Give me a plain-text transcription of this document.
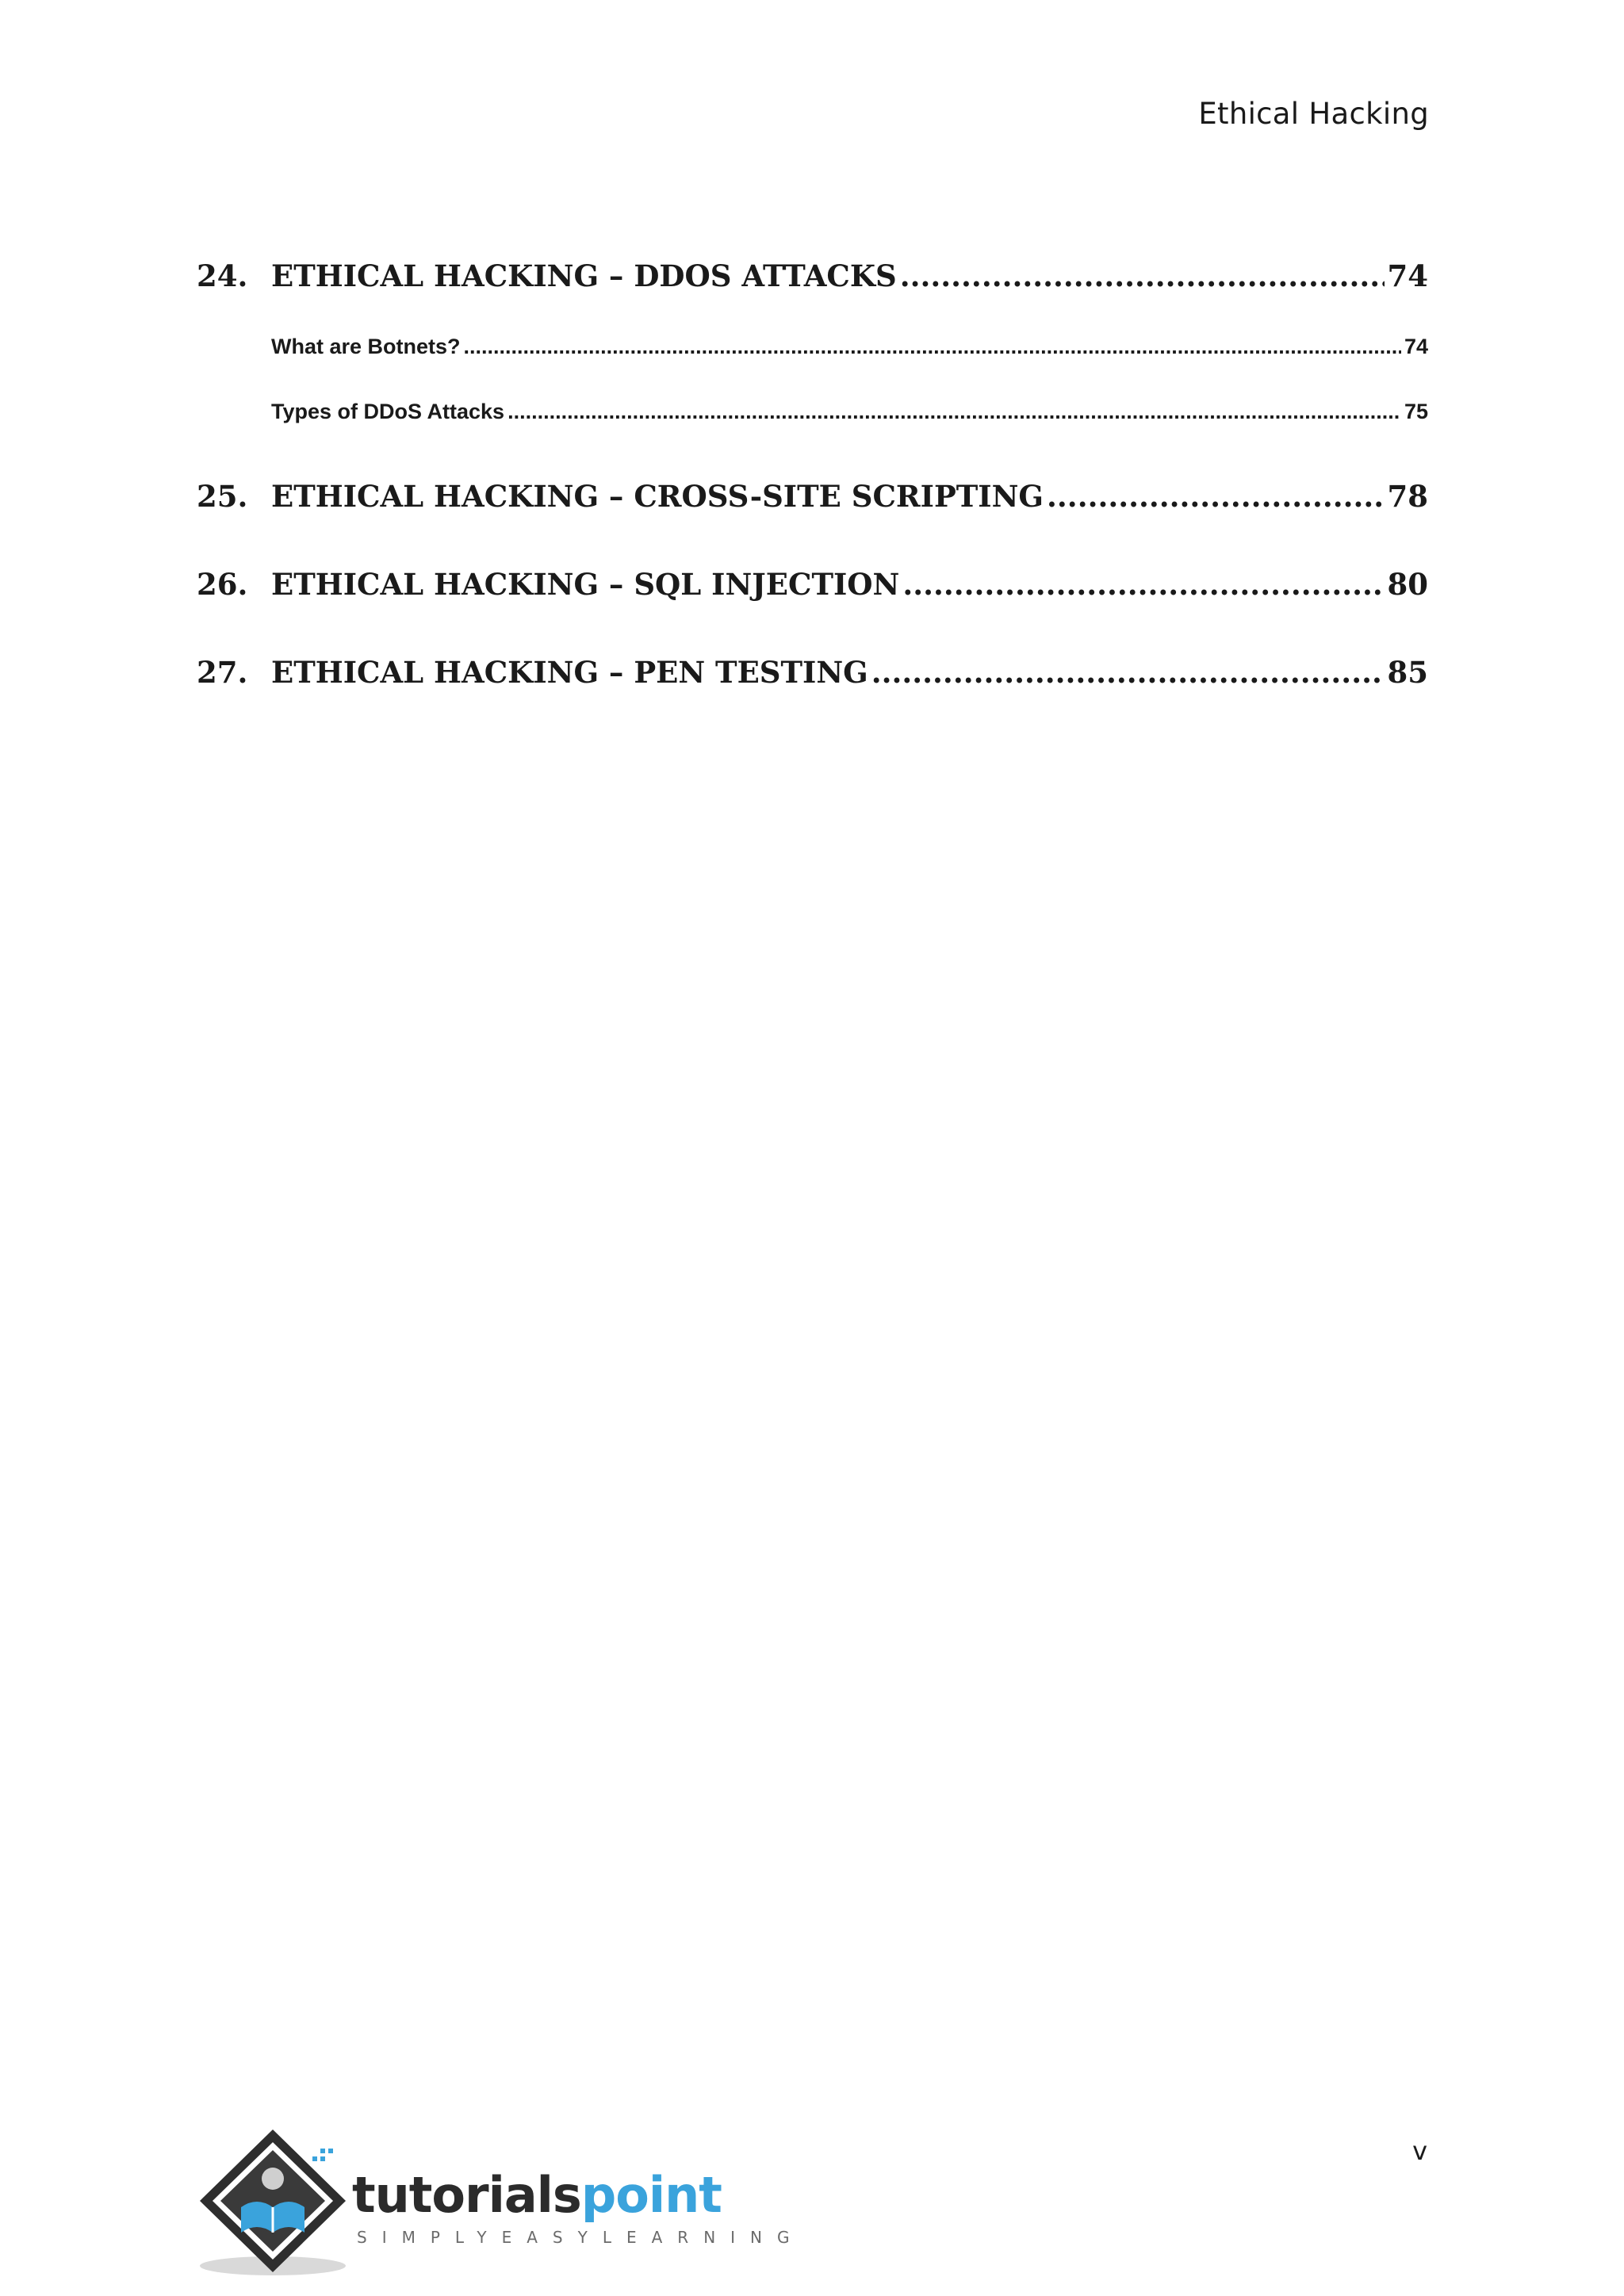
Ethical Hacking
24. ETHICAL HACKING – DDOS ATTACKS .....	74
What are Botnets? .....	74
Types of DDoS Attacks .....	75
25. ETHICAL HACKING – CROSS-SITE SCRIPTING .....	78
26. ETHICAL HACKING – SQL INJECTION .....	80
27. ETHICAL HACKING – PEN TESTING .....	85
v
tutorialspoint
SIMPLYEASYLEARNING
